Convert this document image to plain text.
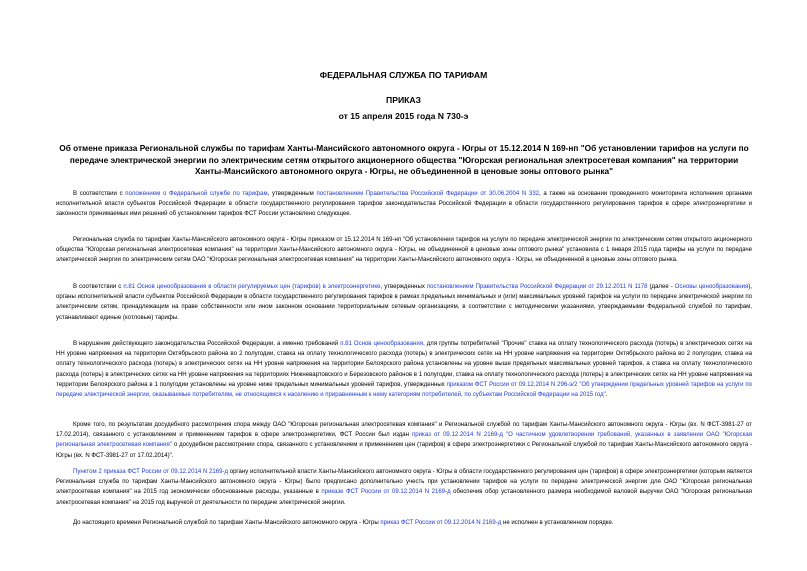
ФЕДЕРАЛЬНАЯ СЛУЖБА ПО ТАРИФАМ
ПРИКАЗ
от 15 апреля 2015 года N 730-э
Об отмене приказа Региональной службы по тарифам Ханты-Мансийского автономного округа - Югры от 15.12.2014 N 169-нп "Об установлении тарифов на услуги по передаче электрической энергии по электрическим сетям открытого акционерного общества "Югорская региональная электросетевая компания" на территории Ханты-Мансийского автономного округа - Югры, не объединенной в ценовые зоны оптового рынка"
В соответствии с положением о Федеральной службе по тарифам, утвержденным постановлением Правительства Российской Федерации от 30.06.2004 N 332, а также на основании проведенного мониторинга исполнения органами исполнительной власти субъектов Российской Федерации в области государственного регулирования тарифов законодательства Российской Федерации в области государственного регулирования тарифов в сфере электроэнергетики и законности принимаемых ими решений об установлении тарифов ФСТ России установлено следующее.
Региональная служба по тарифам Ханты-Мансийского автономного округа - Югры приказом от 15.12.2014 N 169-нп "Об установлении тарифов на услуги по передаче электрической энергии по электрическим сетям открытого акционерного общества "Югорская региональная электросетевая компания" на территории Ханты-Мансийского автономного округа - Югры, не объединенной в ценовые зоны оптового рынка" установила с 1 января 2015 года тарифы на услуги по передаче электрической энергии по электрическим сетям ОАО "Югорская региональная электросетевая компания" на территории Ханты-Мансийского автономного округа - Югры, не объединенной в ценовые зоны оптового рынка.
В соответствии с п.81 Основ ценообразования в области регулируемых цен (тарифов) в электроэнергетике, утвержденных постановлением Правительства Российской Федерации от 29.12.2011 N 1178 (далее - Основы ценообразования), органы исполнительной власти субъектов Российской Федерации в области государственного регулирования тарифов в рамках предельных минимальных и (или) максимальных уровней тарифов на услуги по передаче электрической энергии по электрическим сетям, принадлежащим на праве собственности или ином законном основании территориальным сетевым организациям, в соответствии с методическими указаниями, утверждаемыми Федеральной службой по тарифам, устанавливают единые (котловые) тарифы.
В нарушение действующего законодательства Российской Федерации, а именно требований п.81 Основ ценообразования, для группы потребителей "Прочие" ставка на оплату технологического расхода (потерь) в электрических сетях на НН уровне напряжения на территории Октябрьского района во 2 полугодии, ставка на оплату технологического расхода (потерь) в электрических сетях на НН уровне напряжения на территории Октябрьского района во 2 полугодии, ставка на оплату технологического расхода (потерь) в электрических сетях на НН уровне напряжения на территории Белоярского района установлены на уровне выше предельных максимальных уровней тарифов, а ставка на оплату технологического расхода (потерь) в электрических сетях на НН уровне напряжения на территориях Нижневартовского и Березовского районов в 1 полугодии, ставка на оплату технологического расхода (потерь) в электрических сетях на НН уровне напряжения на территории Белоярского района в 1 полугодии установлены на уровне ниже предельных минимальных уровней тарифов, утвержденных приказом ФСТ России от 09.12.2014 N 296-э/2 "Об утверждении предельных уровней тарифов на услуги по передаче электрической энергии, оказываемые потребителям, не относящимся к населению и приравненным к нему категориям потребителей, по субъектам Российской Федерации на 2015 год".
Кроме того, по результатам досудебного рассмотрения спора между ОАО "Югорская региональная электросетевая компания" и Региональной службой по тарифам Ханты-Мансийского автономного округа - Югры (вх. N ФСТ-3981-27 от 17.02.2014), связанного с установлением и применением тарифов в сфере электроэнергетики, ФСТ России был издан приказ от 09.12.2014 N 2169-д "О частичном удовлетворении требований, указанных в заявлении ОАО "Югорская региональная электросетевая компания" о досудебном рассмотрении спора, связанного с установлением и применением цен (тарифов) в сфере электроэнергетики с Региональной службой по тарифам Ханты-Мансийского автономного округа - Югры (вх. N ФСТ-3981-27 от 17.02.2014)".
Пунктом 2 приказа ФСТ России от 09.12.2014 N 2169-д органу исполнительной власти Ханты-Мансийского автономного округа - Югры в области государственного регулирования цен (тарифов) в сфере электроэнергетики (которым является Региональная служба по тарифам Ханты-Мансийского автономного округа - Югры) было предписано дополнительно учесть при установлении тарифов на услуги по передаче электрической энергии для ОАО "Югорская региональная электросетевая компания" на 2015 год экономически обоснованные расходы, указанные в приказе ФСТ России от 09.12.2014 N 2169-д обеспечив обор установленного размера необходимой валовой выручки ОАО "Югорская региональная электросетевая компания" на 2015 год выручкой от деятельности по передаче электрической энергии.
До настоящего времени Региональной службой по тарифам Ханты-Мансийского автономного округа - Югры приказ ФСТ России от 09.12.2014 N 2169-д не исполнен в установленном порядке.
